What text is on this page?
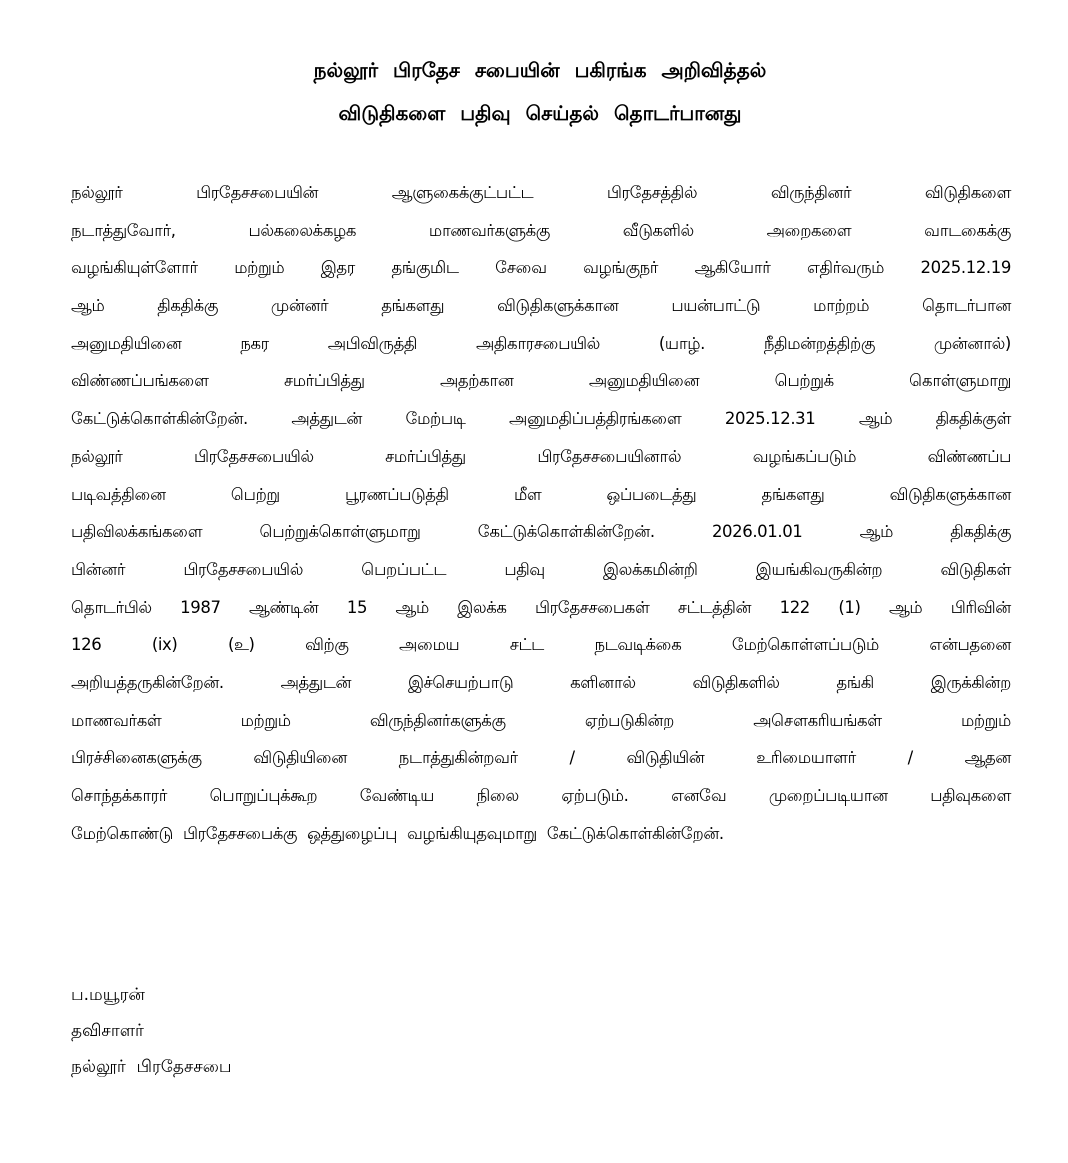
நல்லூர் பிரதேச சபையின் பகிரங்க அறிவித்தல்
விடுதிகளை பதிவு செய்தல் தொடர்பானது
நல்லூர்	பிரதேசசபையின்	ஆளுகைக்குட்பட்ட	பிரதேசத்தில்	விருந்தினர்	விடுதிகளை
நடாத்துவோர்,	பல்கலைக்கழக	மாணவர்களுக்கு	வீடுகளில்	அறைகளை	வாடகைக்கு
வழங்கியுள்ளோர் மற்றும் இதர தங்குமிட சேவை வழங்குநர் ஆகியோர் எதிர்வரும் 2025.12.19
ஆம்	திகதிக்கு	முன்னர்	தங்களது	விடுதிகளுக்கான	பயன்பாட்டு	மாற்றம்	தொடர்பான
அனுமதியினை	நகர	அபிவிருத்தி	அதிகாரசபையில்	(யாழ்.	நீதிமன்றத்திற்கு	முன்னால்)
விண்ணப்பங்களை	சமர்ப்பித்து	அதற்கான	அனுமதியினை	பெற்றுக்	கொள்ளுமாறு
கேட்டுக்கொள்கின்றேன்.	அத்துடன்	மேற்படி	அனுமதிப்பத்திரங்களை	2025.12.31	ஆம்	திகதிக்குள்
நல்லூர்	பிரதேசசபையில்	சமர்ப்பித்து	பிரதேசசபையினால்	வழங்கப்படும்	விண்ணப்ப
படிவத்தினை	பெற்று	பூரணப்படுத்தி	மீள	ஒப்படைத்து	தங்களது	விடுதிகளுக்கான
பதிவிலக்கங்களை	பெற்றுக்கொள்ளுமாறு	கேட்டுக்கொள்கின்றேன்.	2026.01.01	ஆம்	திகதிக்கு
பின்னர்	பிரதேசசபையில்	பெறப்பட்ட	பதிவு	இலக்கமின்றி	இயங்கிவருகின்ற	விடுதிகள்
தொடர்பில் 1987 ஆண்டின் 15 ஆம் இலக்க பிரதேசசபைகள் சட்டத்தின் 122 (1) ஆம் பிரிவின்
126	(ix)	(உ)	விற்கு	அமைய	சட்ட	நடவடிக்கை	மேற்கொள்ளப்படும்	என்பதனை
அறியத்தருகின்றேன்.	அத்துடன்	இச்செயற்பாடு	களினால்	விடுதிகளில்	தங்கி	இருக்கின்ற
மாணவர்கள்	மற்றும்	விருந்தினர்களுக்கு	ஏற்படுகின்ற	அசௌகரியங்கள்	மற்றும்
பிரச்சினைகளுக்கு	விடுதியினை	நடாத்துகின்றவர்	/	விடுதியின்	உரிமையாளர்	/	ஆதன
சொந்தக்காரர்	பொறுப்புக்கூற	வேண்டிய	நிலை	ஏற்படும்.	எனவே	முறைப்படியான	பதிவுகளை
மேற்கொண்டு பிரதேசசபைக்கு ஒத்துழைப்பு வழங்கியுதவுமாறு கேட்டுக்கொள்கின்றேன்.
ப.மயூரன்
தவிசாளர்
நல்லூர்  பிரதேசசபை
